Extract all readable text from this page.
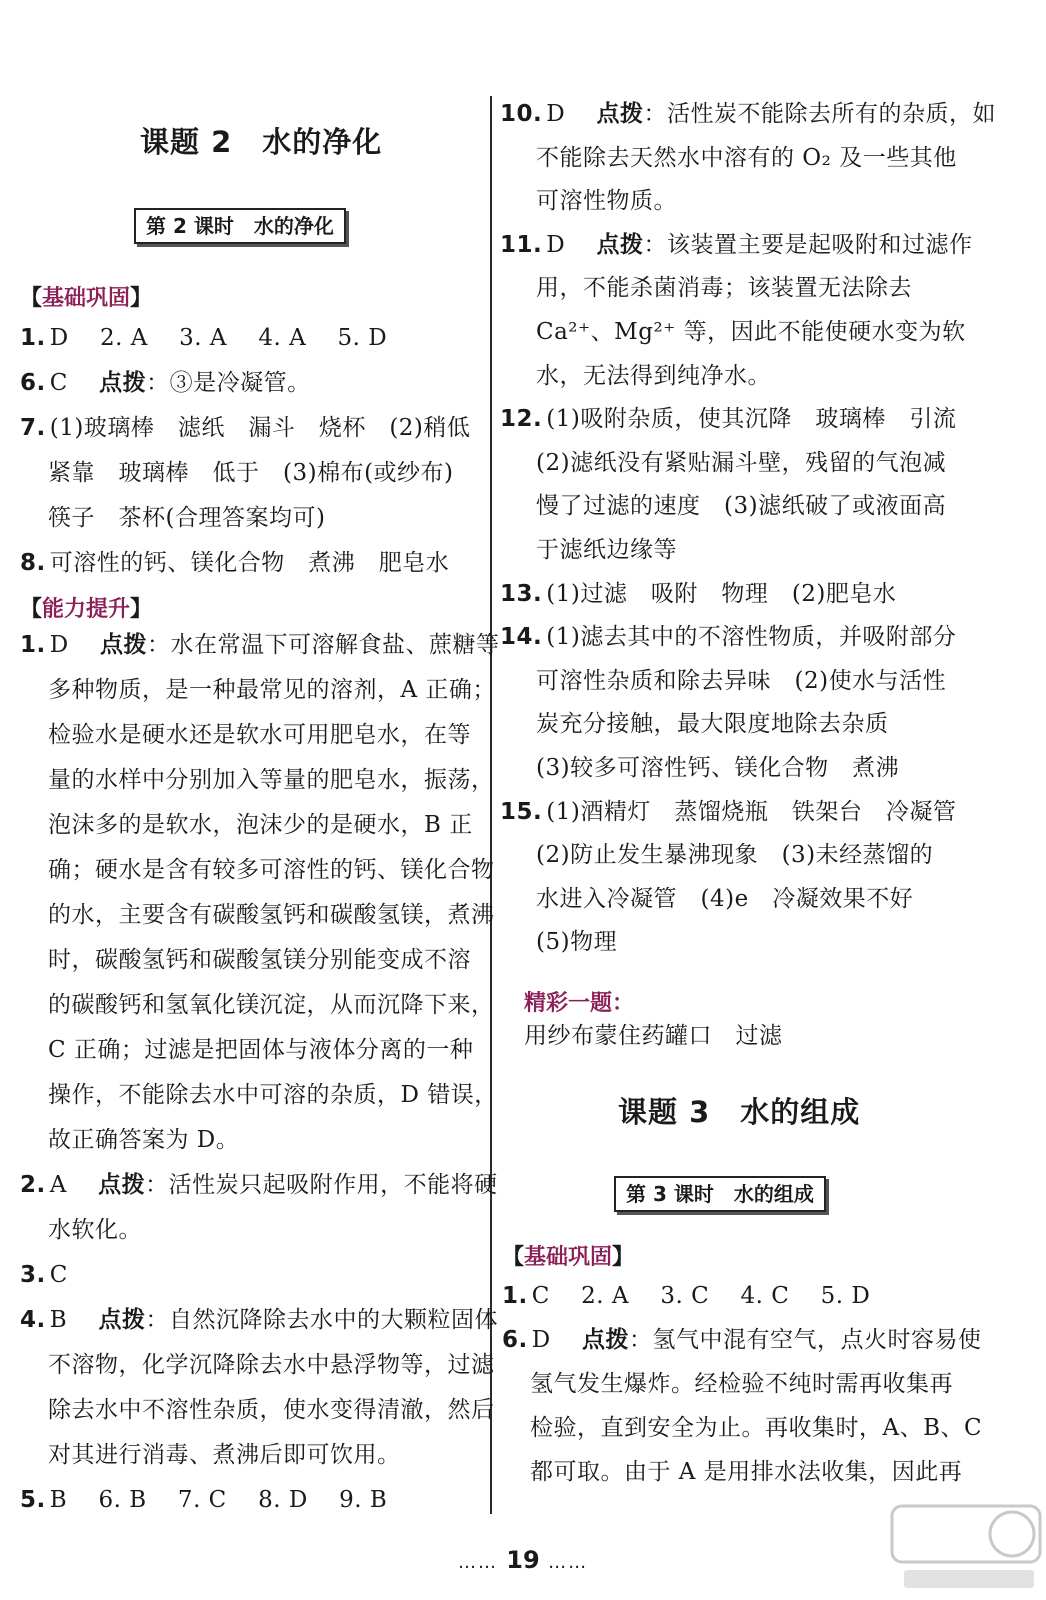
课题 2　水的净化
第 2 课时　水的净化
【基础巩固】
1. D　 2. A　 3. A　 4. A　 5. D
6. C　 点拨：③是冷凝管。
7. (1)玻璃棒　滤纸　漏斗　烧杯　(2)稍低
紧靠　玻璃棒　低于　(3)棉布(或纱布)
筷子　茶杯(合理答案均可)
8. 可溶性的钙、镁化合物　煮沸　肥皂水
【能力提升】
1. D　 点拨：水在常温下可溶解食盐、蔗糖等
多种物质，是一种最常见的溶剂，A 正确；
检验水是硬水还是软水可用肥皂水，在等
量的水样中分别加入等量的肥皂水，振荡，
泡沫多的是软水，泡沫少的是硬水，B 正
确；硬水是含有较多可溶性的钙、镁化合物
的水，主要含有碳酸氢钙和碳酸氢镁，煮沸
时，碳酸氢钙和碳酸氢镁分别能变成不溶
的碳酸钙和氢氧化镁沉淀，从而沉降下来，
C 正确；过滤是把固体与液体分离的一种
操作，不能除去水中可溶的杂质，D 错误，
故正确答案为 D。
2. A　 点拨：活性炭只起吸附作用，不能将硬
水软化。
3. C
4. B　 点拨：自然沉降除去水中的大颗粒固体
不溶物，化学沉降除去水中悬浮物等，过滤
除去水中不溶性杂质，使水变得清澈，然后
对其进行消毒、煮沸后即可饮用。
5. B　 6. B　 7. C　 8. D　 9. B
10. D　 点拨：活性炭不能除去所有的杂质，如
不能除去天然水中溶有的 O₂ 及一些其他
可溶性物质。
11. D　 点拨：该装置主要是起吸附和过滤作
用，不能杀菌消毒；该装置无法除去
Ca²⁺、Mg²⁺ 等，因此不能使硬水变为软
水，无法得到纯净水。
12. (1)吸附杂质，使其沉降　玻璃棒　引流
(2)滤纸没有紧贴漏斗壁，残留的气泡减
慢了过滤的速度　(3)滤纸破了或液面高
于滤纸边缘等
13. (1)过滤　吸附　物理　(2)肥皂水
14. (1)滤去其中的不溶性物质，并吸附部分
可溶性杂质和除去异味　(2)使水与活性
炭充分接触，最大限度地除去杂质
(3)较多可溶性钙、镁化合物　煮沸
15. (1)酒精灯　蒸馏烧瓶　铁架台　冷凝管
(2)防止发生暴沸现象　(3)未经蒸馏的
水进入冷凝管　(4)e　冷凝效果不好
(5)物理
精彩一题：
用纱布蒙住药罐口　过滤
课题 3　水的组成
第 3 课时　水的组成
【基础巩固】
1. C　 2. A　 3. C　 4. C　 5. D
6. D　 点拨：氢气中混有空气，点火时容易使
氢气发生爆炸。经检验不纯时需再收集再
检验，直到安全为止。再收集时，A、B、C
都可取。由于 A 是用排水法收集，因此再
…… 19 ……
